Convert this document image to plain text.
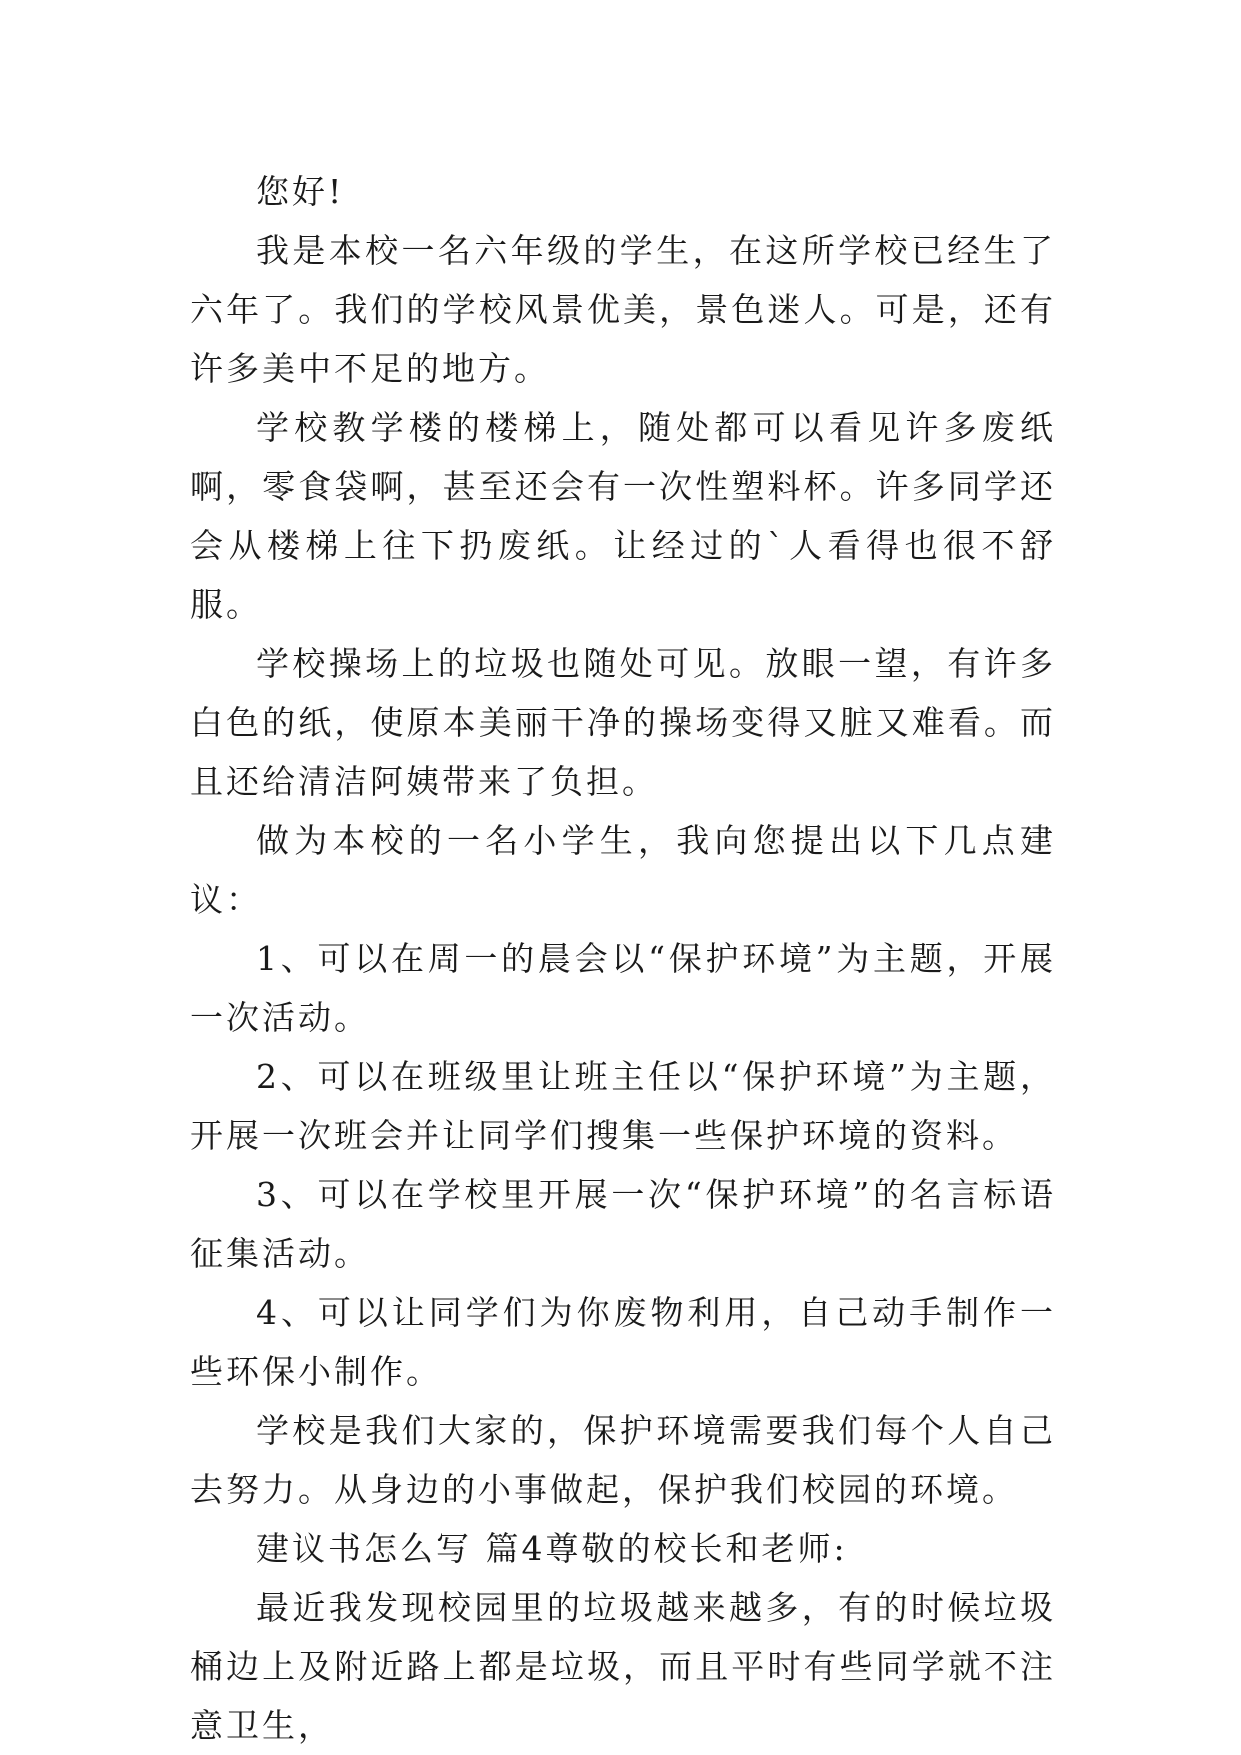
您好!

我是本校一名六年级的学生，在这所学校已经生了六年了。我们的学校风景优美，景色迷人。可是，还有许多美中不足的地方。

学校教学楼的楼梯上，随处都可以看见许多废纸啊，零食袋啊，甚至还会有一次性塑料杯。许多同学还会从楼梯上往下扔废纸。让经过的`人看得也很不舒服。

学校操场上的垃圾也随处可见。放眼一望，有许多白色的纸，使原本美丽干净的操场变得又脏又难看。而且还给清洁阿姨带来了负担。

做为本校的一名小学生，我向您提出以下几点建议：

1、可以在周一的晨会以“保护环境”为主题，开展一次活动。

2、可以在班级里让班主任以“保护环境”为主题，开展一次班会并让同学们搜集一些保护环境的资料。

3、可以在学校里开展一次“保护环境”的名言标语征集活动。

4、可以让同学们为你废物利用，自己动手制作一些环保小制作。

学校是我们大家的，保护环境需要我们每个人自己去努力。从身边的小事做起，保护我们校园的环境。

建议书怎么写 篇4尊敬的校长和老师:

最近我发现校园里的垃圾越来越多，有的时候垃圾桶边上及附近路上都是垃圾，而且平时有些同学就不注意卫生，
